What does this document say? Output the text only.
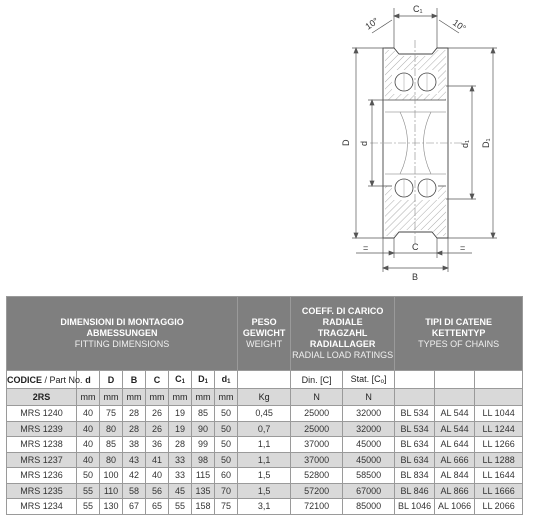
C₁
10°	10°
D d	d₁ D₁
=	C	=
B
DIMENSIONI DI MONTAGGIO
ABMESSUNGEN
FITTING DIMENSIONS								PESO
GEWICHT
WEIGHT	COEFF. DI CARICO
RADIALE
TRAGZAHL
RADIALLAGER
RADIAL LOAD RATINGS		TIPI DI CATENE
KETTENTYP
TYPES OF CHAINS		

CODICE / Part No.	d	D	B	C	$C_1$	$D_1$	$d_1$		Din. [C]	Stat. $[C_o]$			
2RS	mm	mm	mm	mm	mm	mm	mm	Kg	N	N			
MRS 1240	40	75	28	26	19	85	50	0,45	25000	32000	BL 534	AL 544	LL 1044
MRS 1239	40	80	28	26	19	90	50	0,7	25000	32000	BL 534	AL 544	LL 1244
MRS 1238	40	85	38	36	28	99	50	1,1	37000	45000	BL 634	AL 644	LL 1266
MRS 1237	40	80	43	41	33	98	50	1,1	37000	45000	BL 634	AL 666	LL 1288
MRS 1236	50	100	42	40	33	115	60	1,5	52800	58500	BL 834	AL 844	LL 1644
MRS 1235	55	110	58	56	45	135	70	1,5	57200	67000	BL 846	AL 866	LL 1666
MRS 1234	55	130	67	65	55	158	75	3,1	72100	85000	BL 1046	AL 1066	LL 2066
